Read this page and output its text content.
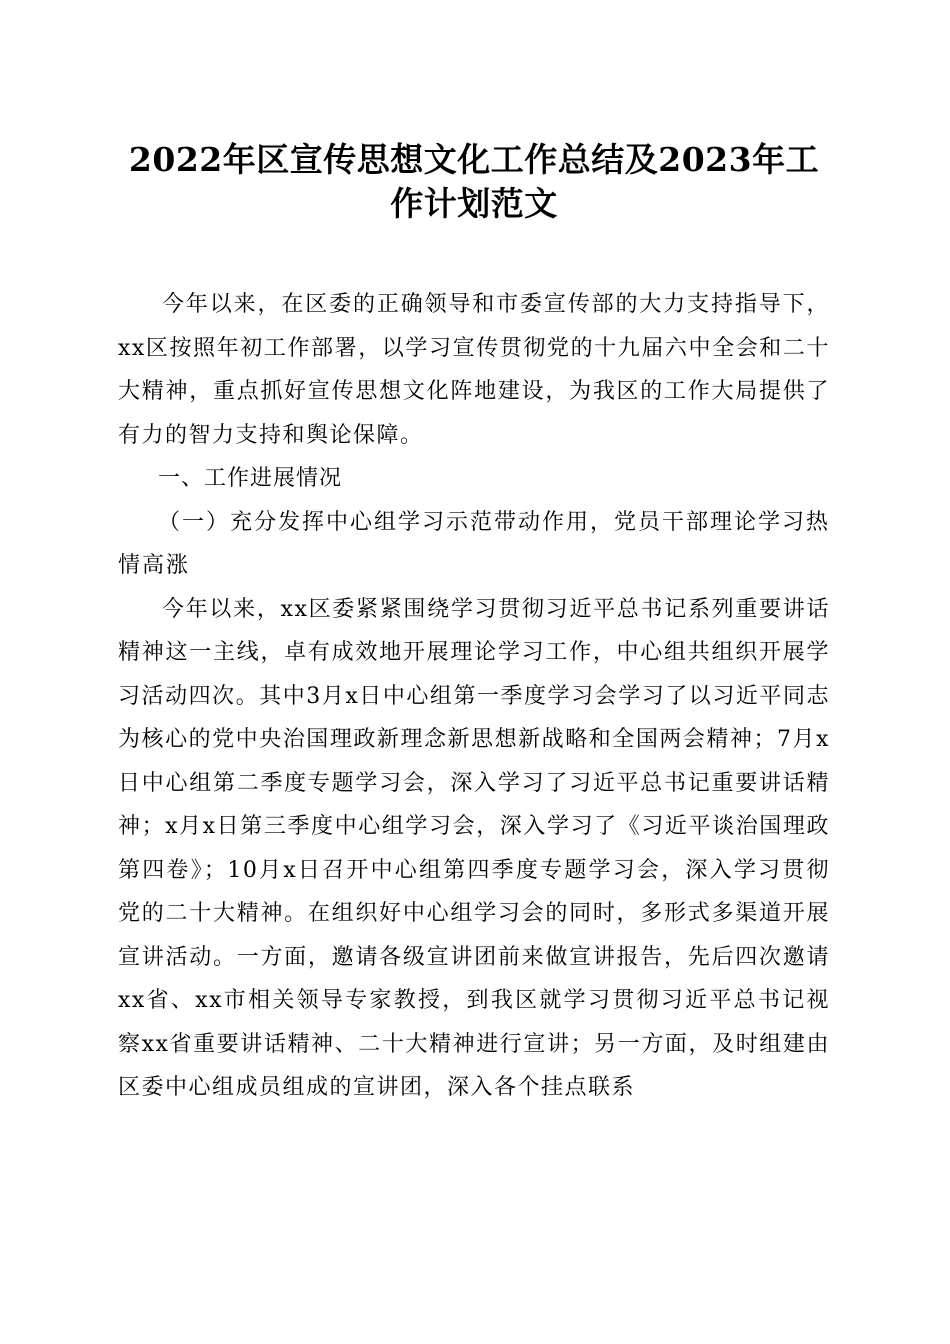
2022年区宣传思想文化工作总结及2023年工作计划范文

今年以来，在区委的正确领导和市委宣传部的大力支持指导下，xx区按照年初工作部署，以学习宣传贯彻党的十九届六中全会和二十大精神，重点抓好宣传思想文化阵地建设，为我区的工作大局提供了有力的智力支持和舆论保障。

一、工作进展情况

（一）充分发挥中心组学习示范带动作用，党员干部理论学习热情高涨

今年以来，xx区委紧紧围绕学习贯彻习近平总书记系列重要讲话精神这一主线，卓有成效地开展理论学习工作，中心组共组织开展学习活动四次。其中3月x日中心组第一季度学习会学习了以习近平同志为核心的党中央治国理政新理念新思想新战略和全国两会精神；7月x日中心组第二季度专题学习会，深入学习了习近平总书记重要讲话精神；x月x日第三季度中心组学习会，深入学习了《习近平谈治国理政第四卷》；10月x日召开中心组第四季度专题学习会，深入学习贯彻党的二十大精神。在组织好中心组学习会的同时，多形式多渠道开展宣讲活动。一方面，邀请各级宣讲团前来做宣讲报告，先后四次邀请xx省、xx市相关领导专家教授，到我区就学习贯彻习近平总书记视察xx省重要讲话精神、二十大精神进行宣讲；另一方面，及时组建由区委中心组成员组成的宣讲团，深入各个挂点联系
